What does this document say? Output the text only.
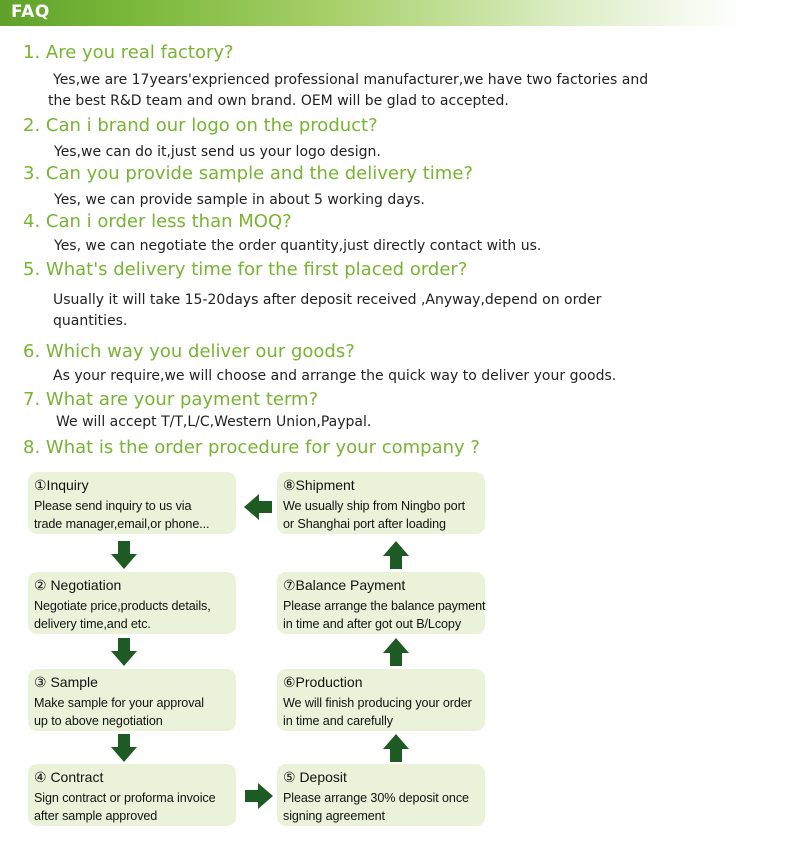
FAQ
1. Are you real factory?
Yes,we are 17years'exprienced professional manufacturer,we have two factories and
the best R&D team and own brand. OEM will be glad to accepted.
2. Can i brand our logo on the product?
Yes,we can do it,just send us your logo design.
3. Can you provide sample and the delivery time?
Yes, we can provide sample in about 5 working days.
4. Can i order less than MOQ?
Yes, we can negotiate the order quantity,just directly contact with us.
5. What's delivery time for the first placed order?
Usually it will take 15-20days after deposit received ,Anyway,depend on order
quantities.
6. Which way you deliver our goods?
As your require,we will choose and arrange the quick way to deliver your goods.
7. What are your payment term?
We will accept T/T,L/C,Western Union,Paypal.
8. What is the order procedure for your company ?
①Inquiry
Please send inquiry to us via
trade manager,email,or phone...
② Negotiation
Negotiate price,products details,
delivery time,and etc.
③ Sample
Make sample for your approval
up to above negotiation
④ Contract
Sign contract or proforma invoice
after sample approved
⑤ Deposit
Please arrange 30% deposit once
signing agreement
⑥Production
We will finish producing your order
in time and carefully
⑦Balance Payment
Please arrange the balance payment
in time and after got out B/Lcopy
⑧Shipment
We usually ship from Ningbo port
or Shanghai port after loading
